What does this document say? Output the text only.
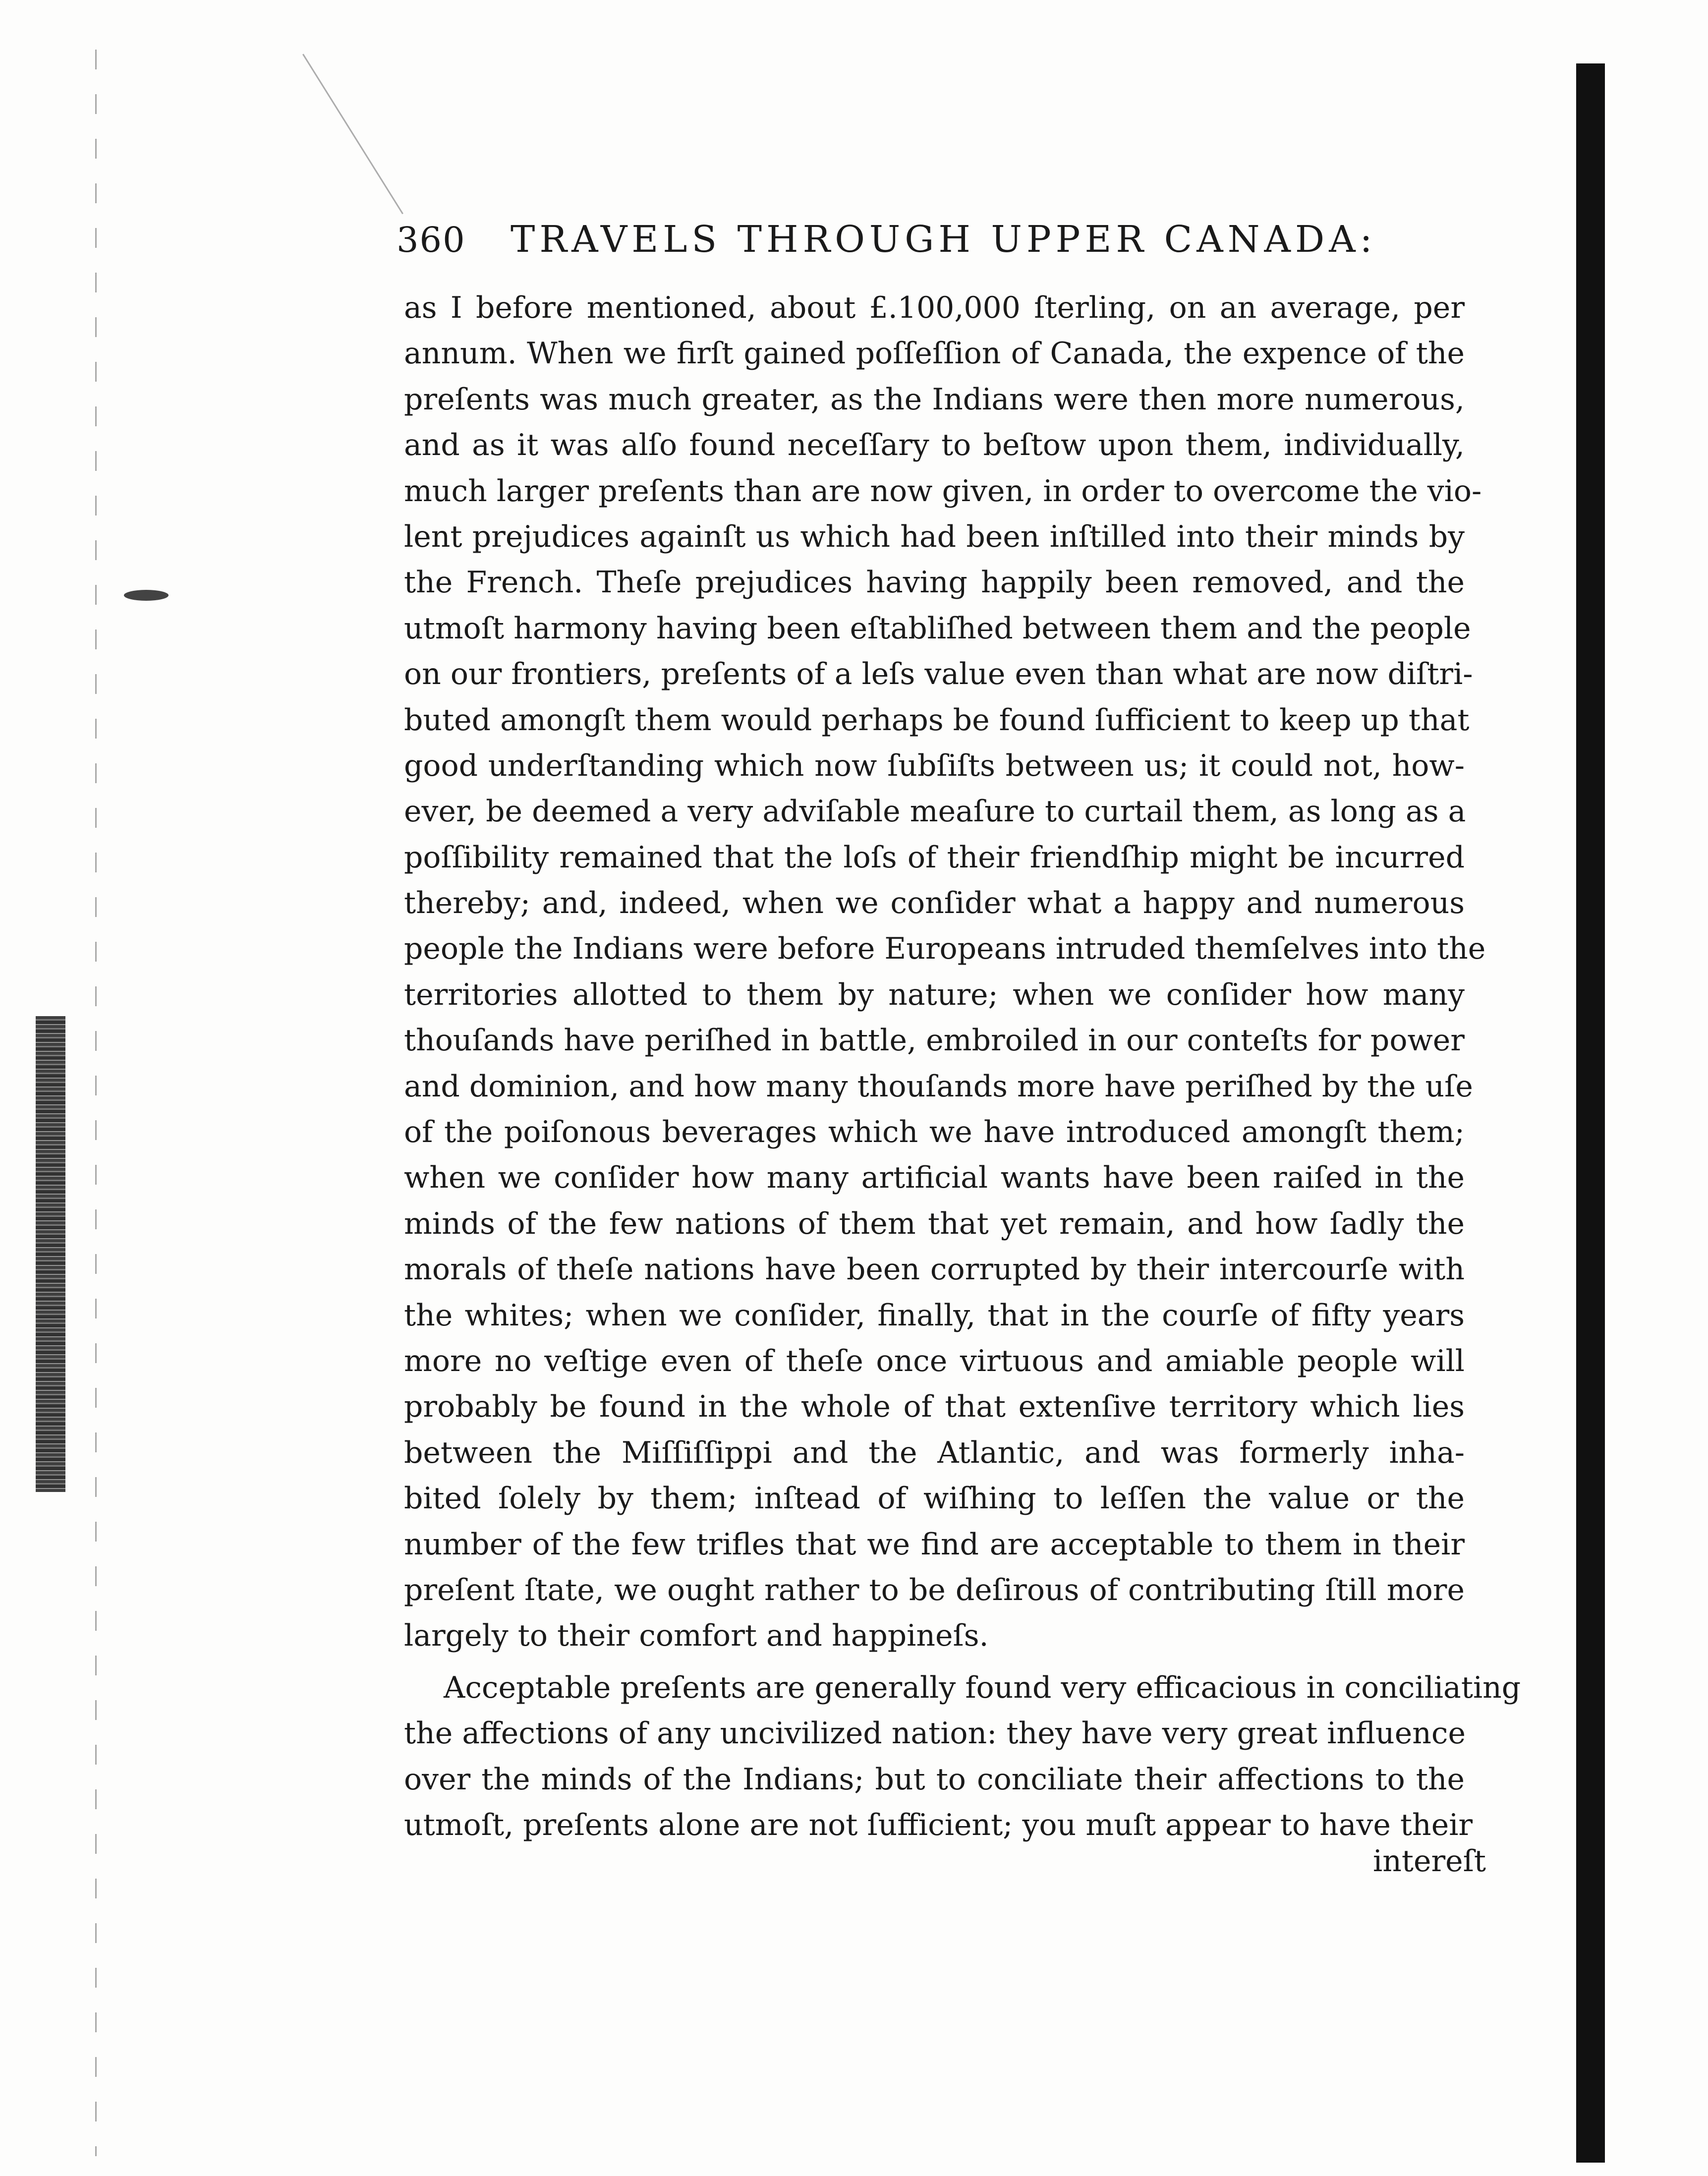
360	TRAVELS THROUGH UPPER CANADA:
as I before mentioned, about £.100,000 ſterling, on an average, per
annum. When we firſt gained poſſeſſion of Canada, the expence of the
preſents was much greater, as the Indians were then more numerous,
and as it was alſo found neceſſary to beſtow upon them, individually,
much larger preſents than are now given, in order to overcome the vio-
lent prejudices againſt us which had been inſtilled into their minds by
the French. Theſe prejudices having happily been removed, and the
utmoſt harmony having been eſtabliſhed between them and the people
on our frontiers, preſents of a leſs value even than what are now diſtri-
buted amongſt them would perhaps be found ſufficient to keep up that
good underſtanding which now ſubſiſts between us; it could not, how-
ever, be deemed a very adviſable meaſure to curtail them, as long as a
poſſibility remained that the loſs of their friendſhip might be incurred
thereby; and, indeed, when we conſider what a happy and numerous
people the Indians were before Europeans intruded themſelves into the
territories allotted to them by nature; when we conſider how many
thouſands have periſhed in battle, embroiled in our conteſts for power
and dominion, and how many thouſands more have periſhed by the uſe
of the poiſonous beverages which we have introduced amongſt them;
when we conſider how many artificial wants have been raiſed in the
minds of the few nations of them that yet remain, and how ſadly the
morals of theſe nations have been corrupted by their intercourſe with
the whites; when we conſider, finally, that in the courſe of fifty years
more no veſtige even of theſe once virtuous and amiable people will
probably be found in the whole of that extenſive territory which lies
between the Miſſiſſippi and the Atlantic, and was formerly inha-
bited ſolely by them; inſtead of wiſhing to leſſen the value or the
number of the few trifles that we find are acceptable to them in their
preſent ſtate, we ought rather to be deſirous of contributing ſtill more
largely to their comfort and happineſs.
Acceptable preſents are generally found very efficacious in conciliating
the affections of any uncivilized nation: they have very great influence
over the minds of the Indians; but to conciliate their affections to the
utmoſt, preſents alone are not ſufficient; you muſt appear to have their
intereſt
